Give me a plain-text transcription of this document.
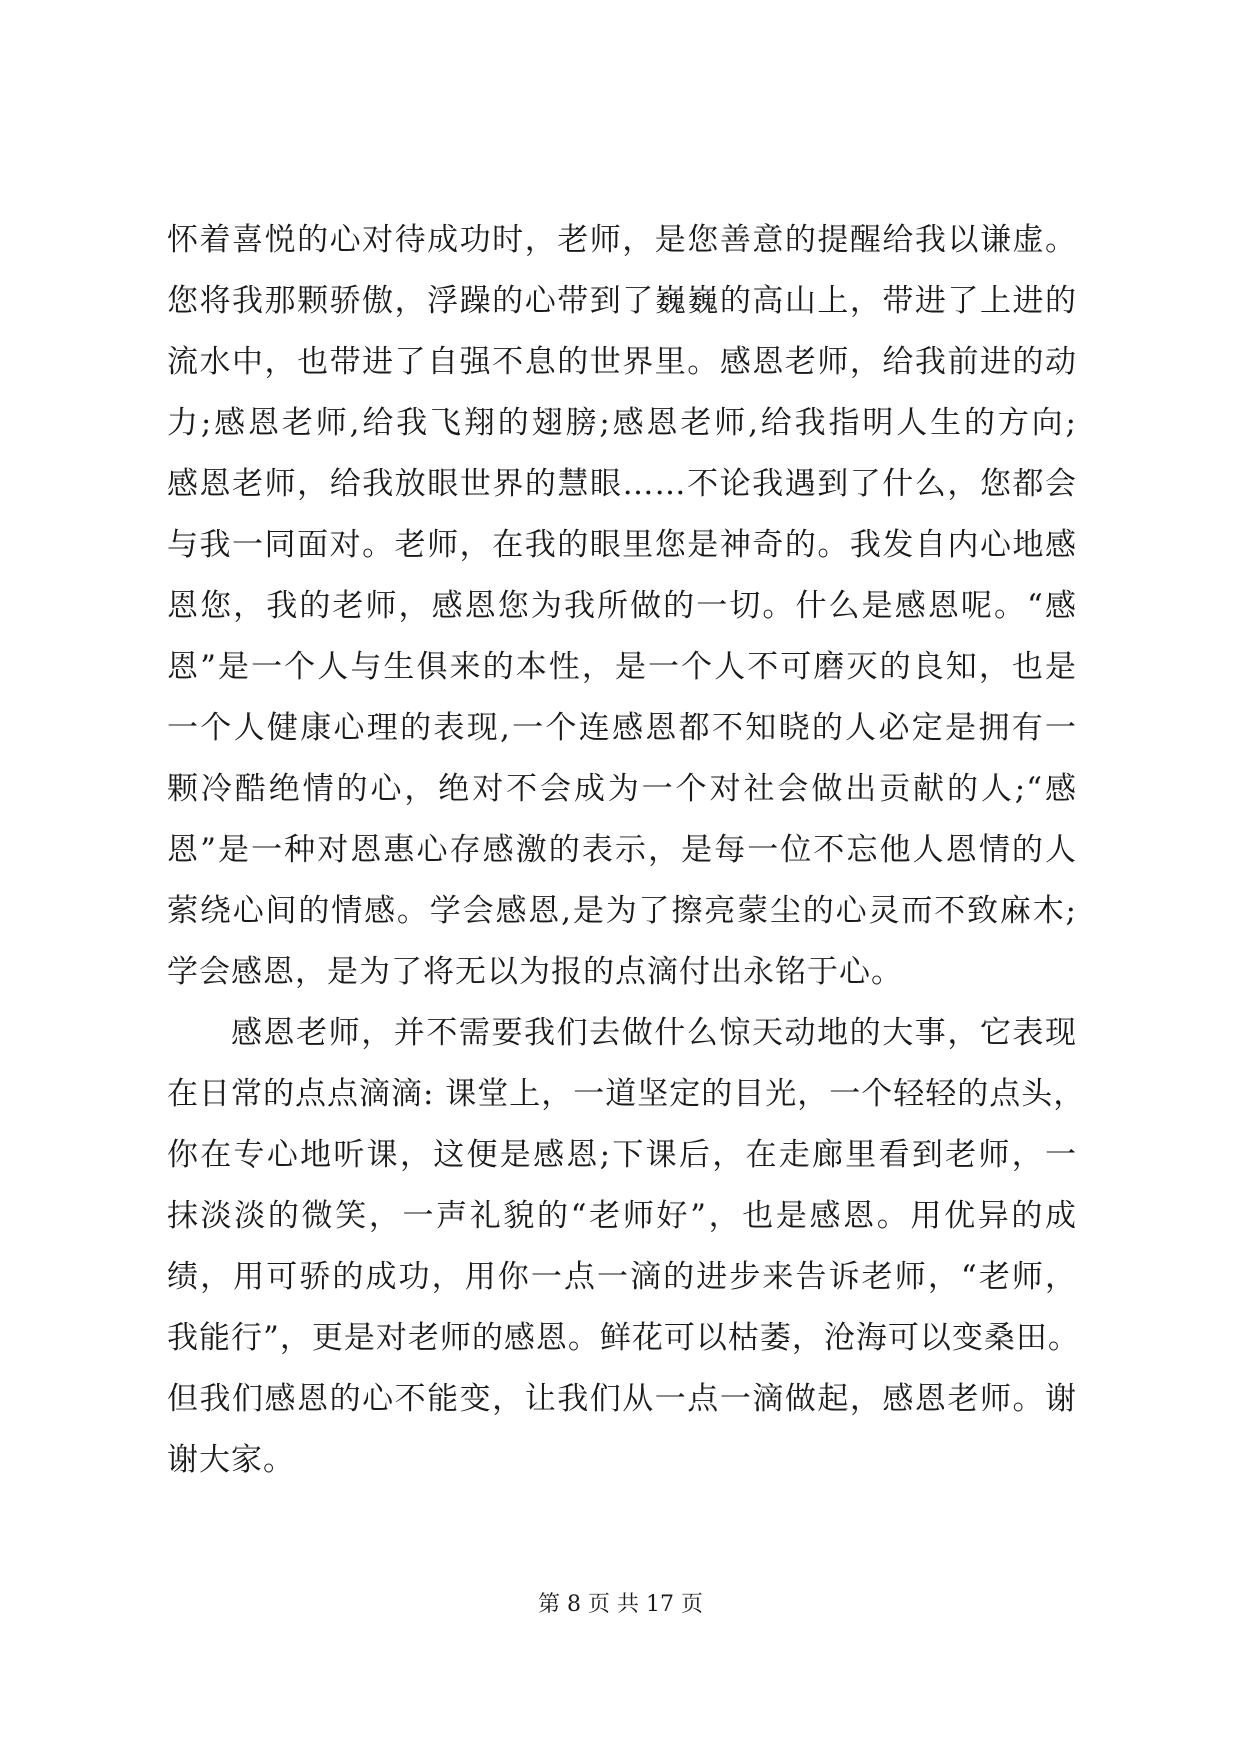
怀着喜悦的心对待成功时，老师，是您善意的提醒给我以谦虚。
您将我那颗骄傲，浮躁的心带到了巍巍的高山上，带进了上进的
流水中，也带进了自强不息的世界里。感恩老师，给我前进的动
力;感恩老师,给我飞翔的翅膀;感恩老师,给我指明人生的方向;
感恩老师，给我放眼世界的慧眼……不论我遇到了什么，您都会
与我一同面对。老师，在我的眼里您是神奇的。我发自内心地感
恩您，我的老师，感恩您为我所做的一切。什么是感恩呢。“感
恩”是一个人与生俱来的本性，是一个人不可磨灭的良知，也是
一个人健康心理的表现,一个连感恩都不知晓的人必定是拥有一
颗冷酷绝情的心，绝对不会成为一个对社会做出贡献的人;“感
恩”是一种对恩惠心存感激的表示，是每一位不忘他人恩情的人
萦绕心间的情感。学会感恩,是为了擦亮蒙尘的心灵而不致麻木;
学会感恩，是为了将无以为报的点滴付出永铭于心。
感恩老师，并不需要我们去做什么惊天动地的大事，它表现
在日常的点点滴滴: 课堂上，一道坚定的目光，一个轻轻的点头，
你在专心地听课，这便是感恩;下课后，在走廊里看到老师，一
抹淡淡的微笑，一声礼貌的“老师好”，也是感恩。用优异的成
绩，用可骄的成功，用你一点一滴的进步来告诉老师，“老师，
我能行”，更是对老师的感恩。鲜花可以枯萎，沧海可以变桑田。
但我们感恩的心不能变，让我们从一点一滴做起，感恩老师。谢
谢大家。
第 8 页 共 17 页
